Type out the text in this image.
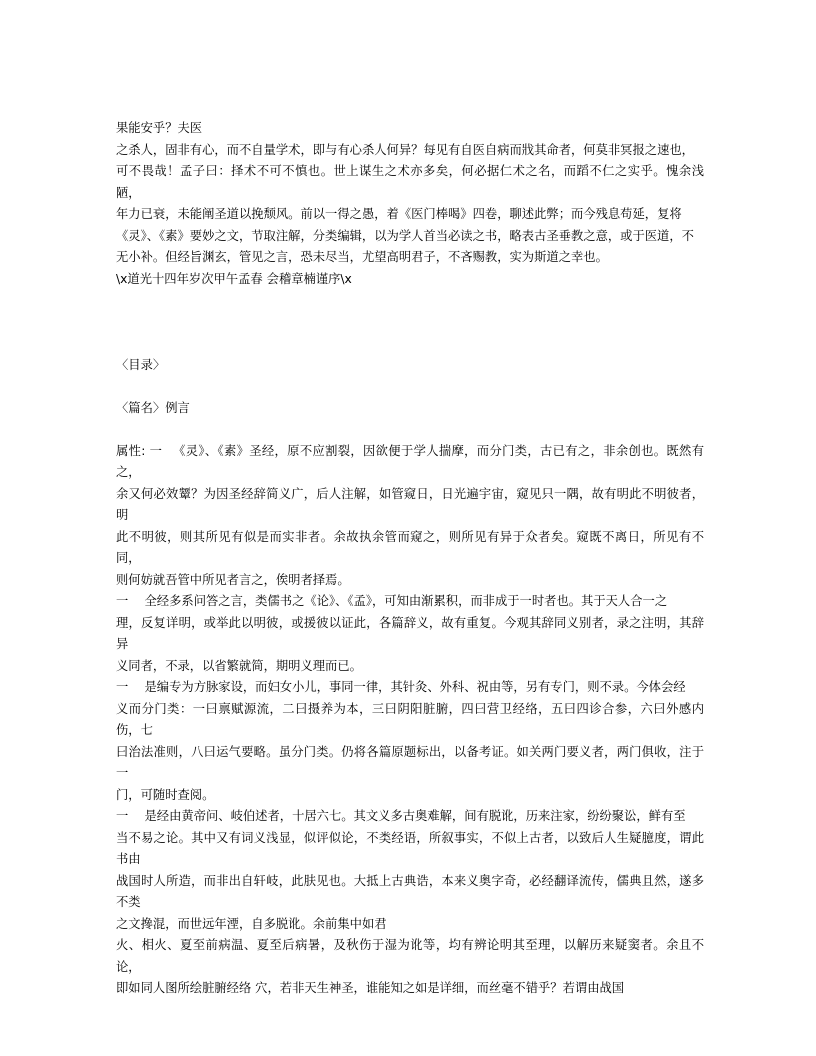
果能安乎？夫医

之杀人，固非有心，而不自量学术，即与有心杀人何异？每见有自医自病而戕其命者，何莫非冥报之速也，

可不畏哉！孟子曰：择术不可不慎也。世上谋生之术亦多矣，何必据仁术之名，而蹈不仁之实乎。愧余浅陋，

年力已衰，未能阐圣道以挽颓风。前以一得之愚，着《医门棒喝》四卷，聊述此弊；而今残息苟延，复将

《灵》、《素》要妙之文，节取注解，分类编辑，以为学人首当必读之书，略表古圣垂教之意，或于医道，不

无小补。但经旨渊玄，管见之言，恐未尽当，尤望高明君子，不吝赐教，实为斯道之幸也。

\x道光十四年岁次甲午孟春 会稽章楠谨序\x

〈目录〉

〈篇名〉例言

属性: 一 　《灵》、《素》圣经，原不应割裂，因欲便于学人揣摩，而分门类，古已有之，非余创也。既然有之，

余又何必效颦？为因圣经辞简义广，后人注解，如管窥日，日光遍宇宙，窥见只一隅，故有明此不明彼者，明

此不明彼，则其所见有似是而实非者。余故执余管而窥之，则所见有异于众者矣。窥既不离日，所见有不同，

则何妨就吾管中所见者言之，俟明者择焉。

一 　全经多系问答之言，类儒书之《论》、《孟》，可知由渐累积，而非成于一时者也。其于天人合一之

理，反复详明，或举此以明彼，或援彼以证此，各篇辞义，故有重复。今观其辞同义别者，录之注明，其辞异

义同者，不录，以省繁就简，期明义理而已。

一 　是编专为方脉家设，而妇女小儿，事同一律，其针灸、外科、祝由等，另有专门，则不录。今体会经

义而分门类：一曰禀赋源流，二曰摄养为本，三曰阴阳脏腑，四曰营卫经络，五曰四诊合参，六曰外感内伤，七

曰治法准则，八曰运气要略。虽分门类。仍将各篇原题标出，以备考证。如关两门要义者，两门俱收，注于一

门，可随时查阅。

一 　是经由黄帝问、岐伯述者，十居六七。其文义多古奥难解，间有脱讹，历来注家，纷纷聚讼，鲜有至

当不易之论。其中又有词义浅显，似评似论，不类经语，所叙事实，不似上古者，以致后人生疑臆度，谓此书由

战国时人所造，而非出自轩岐，此肤见也。大抵上古典诰，本来义奥字奇，必经翻译流传，儒典且然，遂多不类

之文搀混，而世远年湮，自多脱讹。余前集中如君

火、相火、夏至前病温、夏至后病暑，及秋伤于湿为讹等，均有辨论明其至理，以解历来疑窦者。余且不论，

即如同人图所绘脏腑经络 穴，若非天生神圣，谁能知之如是详细，而丝毫不错乎？若谓由战国
